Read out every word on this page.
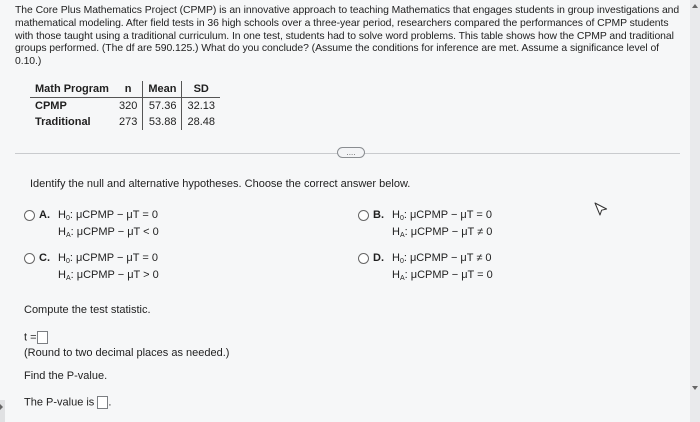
The Core Plus Mathematics Project (CPMP) is an innovative approach to teaching Mathematics that engages students in group investigations and mathematical modeling. After field tests in 36 high schools over a three-year period, researchers compared the performances of CPMP students with those taught using a traditional curriculum. In one test, students had to solve word problems. This table shows how the CPMP and traditional groups performed. (The df are 590.125.) What do you conclude? (Assume the conditions for inference are met. Assume a significance level of 0.10.)
Math Program	n	Mean	SD
CPMP	320	57.36	32.13
Traditional	273	53.88	28.48
....
Identify the null and alternative hypotheses. Choose the correct answer below.
A. $H_0$: μCPMP − μT = 0
$H_A$: μCPMP − μT < 0
B. $H_0$: μCPMP − μT = 0
$H_A$: μCPMP − μT ≠ 0
C. $H_0$: μCPMP − μT = 0
$H_A$: μCPMP − μT > 0
D. $H_0$: μCPMP − μT ≠ 0
$H_A$: μCPMP − μT = 0
Compute the test statistic.
t =
(Round to two decimal places as needed.)
Find the P-value.
The P-value is .
